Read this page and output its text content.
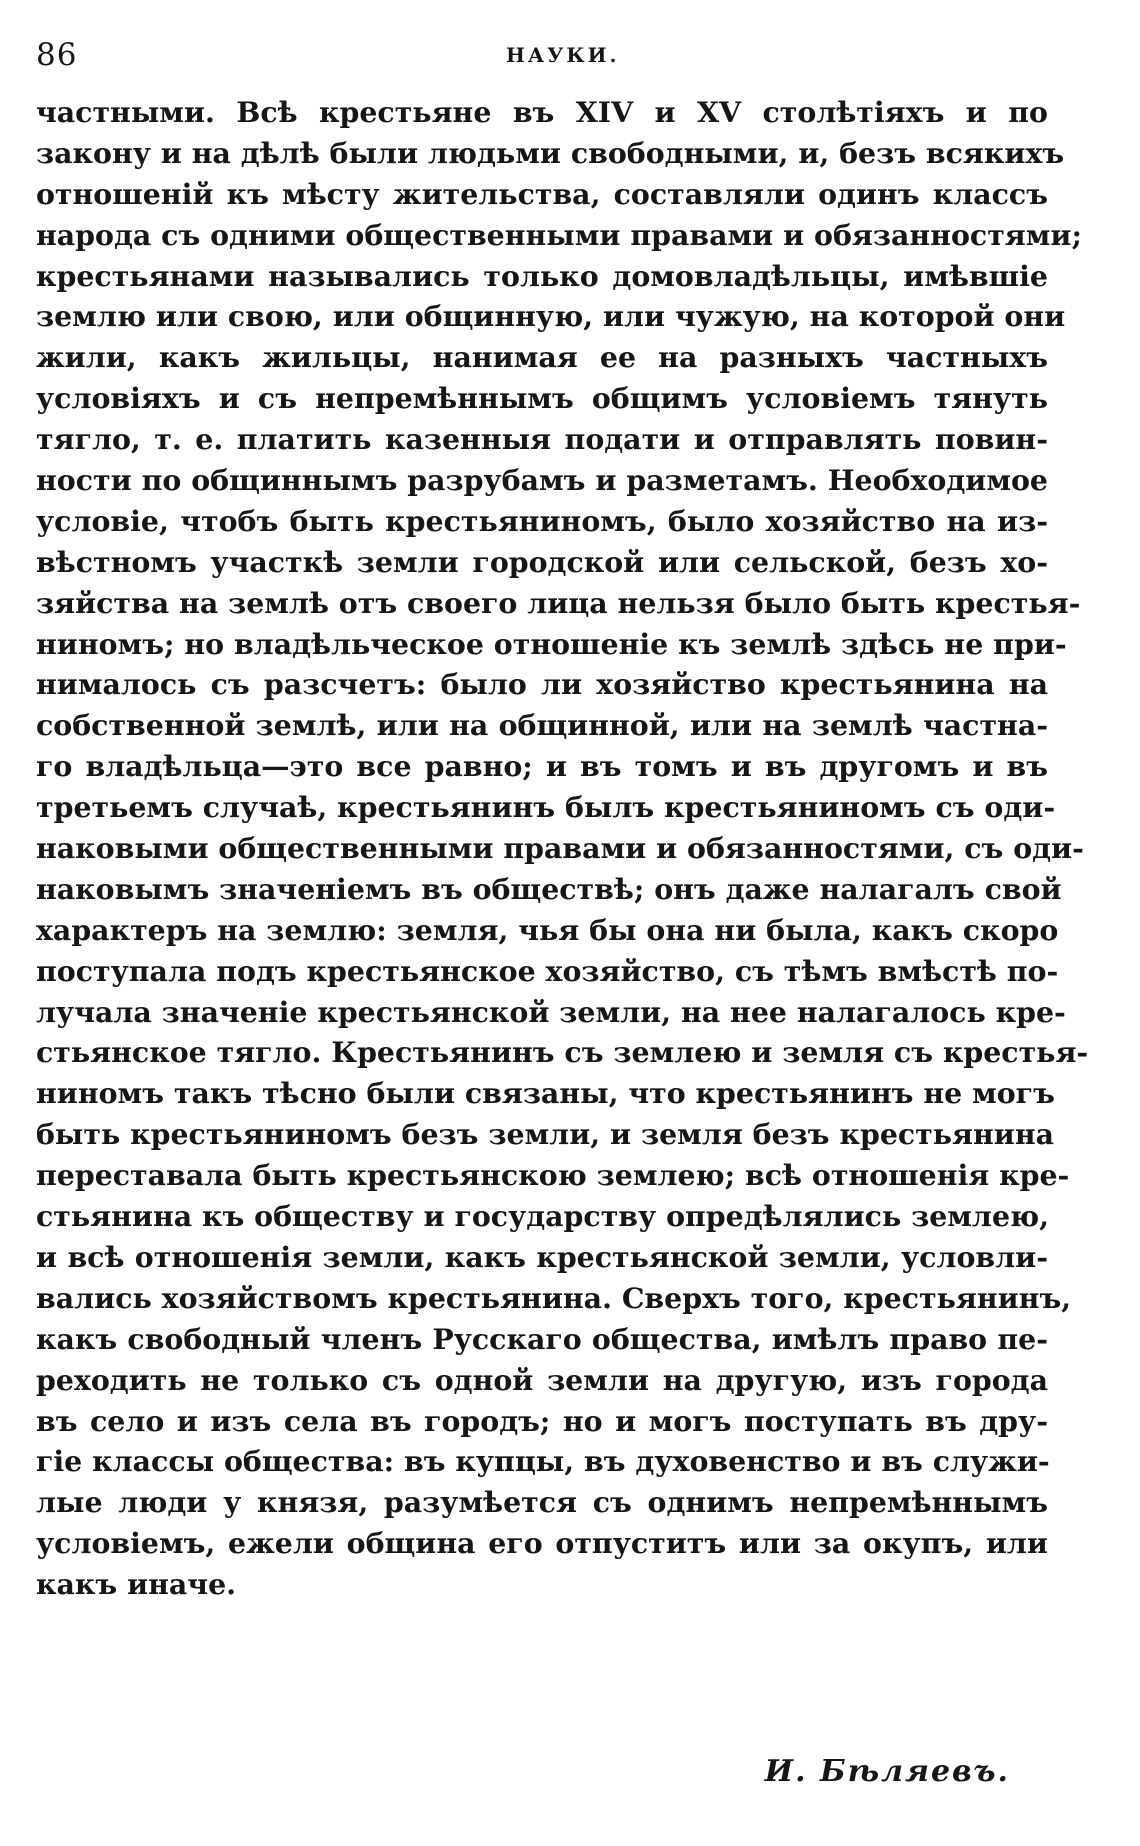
86	НАУКИ.
частными. Всѣ крестьяне въ XIV и XV столѣтіяхъ и по
закону и на дѣлѣ были людьми свободными, и, безъ всякихъ
отношеній къ мѣсту жительства, составляли одинъ классъ
народа съ одними общественными правами и обязанностями;
крестьянами назывались только домовладѣльцы, имѣвшіе
землю или свою, или общинную, или чужую, на которой они
жили, какъ жильцы, нанимая ее на разныхъ частныхъ
условіяхъ и съ непремѣннымъ общимъ условіемъ тянуть
тягло, т. е. платить казенныя подати и отправлять повин-
ности по общиннымъ разрубамъ и разметамъ. Необходимое
условіе, чтобъ быть крестьяниномъ, было хозяйство на из-
вѣстномъ участкѣ земли городской или сельской, безъ хо-
зяйства на землѣ отъ своего лица нельзя было быть крестья-
ниномъ; но владѣльческое отношеніе къ землѣ здѣсь не при-
нималось съ разсчетъ: было ли хозяйство крестьянина на
собственной землѣ, или на общинной, или на землѣ частна-
го владѣльца—это все равно; и въ томъ и въ другомъ и въ
третьемъ случаѣ, крестьянинъ былъ крестьяниномъ съ оди-
наковыми общественными правами и обязанностями, съ оди-
наковымъ значеніемъ въ обществѣ; онъ даже налагалъ свой
характеръ на землю: земля, чья бы она ни была, какъ скоро
поступала подъ крестьянское хозяйство, съ тѣмъ вмѣстѣ по-
лучала значеніе крестьянской земли, на нее налагалось кре-
стьянское тягло. Крестьянинъ съ землею и земля съ крестья-
ниномъ такъ тѣсно были связаны, что крестьянинъ не могъ
быть крестьяниномъ безъ земли, и земля безъ крестьянина
переставала быть крестьянскою землею; всѣ отношенія кре-
стьянина къ обществу и государству опредѣлялись землею,
и всѣ отношенія земли, какъ крестьянской земли, условли-
вались хозяйствомъ крестьянина. Сверхъ того, крестьянинъ,
какъ свободный членъ Русскаго общества, имѣлъ право пе-
реходить не только съ одной земли на другую, изъ города
въ село и изъ села въ городъ; но и могъ поступать въ дру-
гіе классы общества: въ купцы, въ духовенство и въ служи-
лые люди у князя, разумѣется съ однимъ непремѣннымъ
условіемъ, ежели община его отпуститъ или за окупъ, или
какъ иначе.
И. Бѣляевъ.
